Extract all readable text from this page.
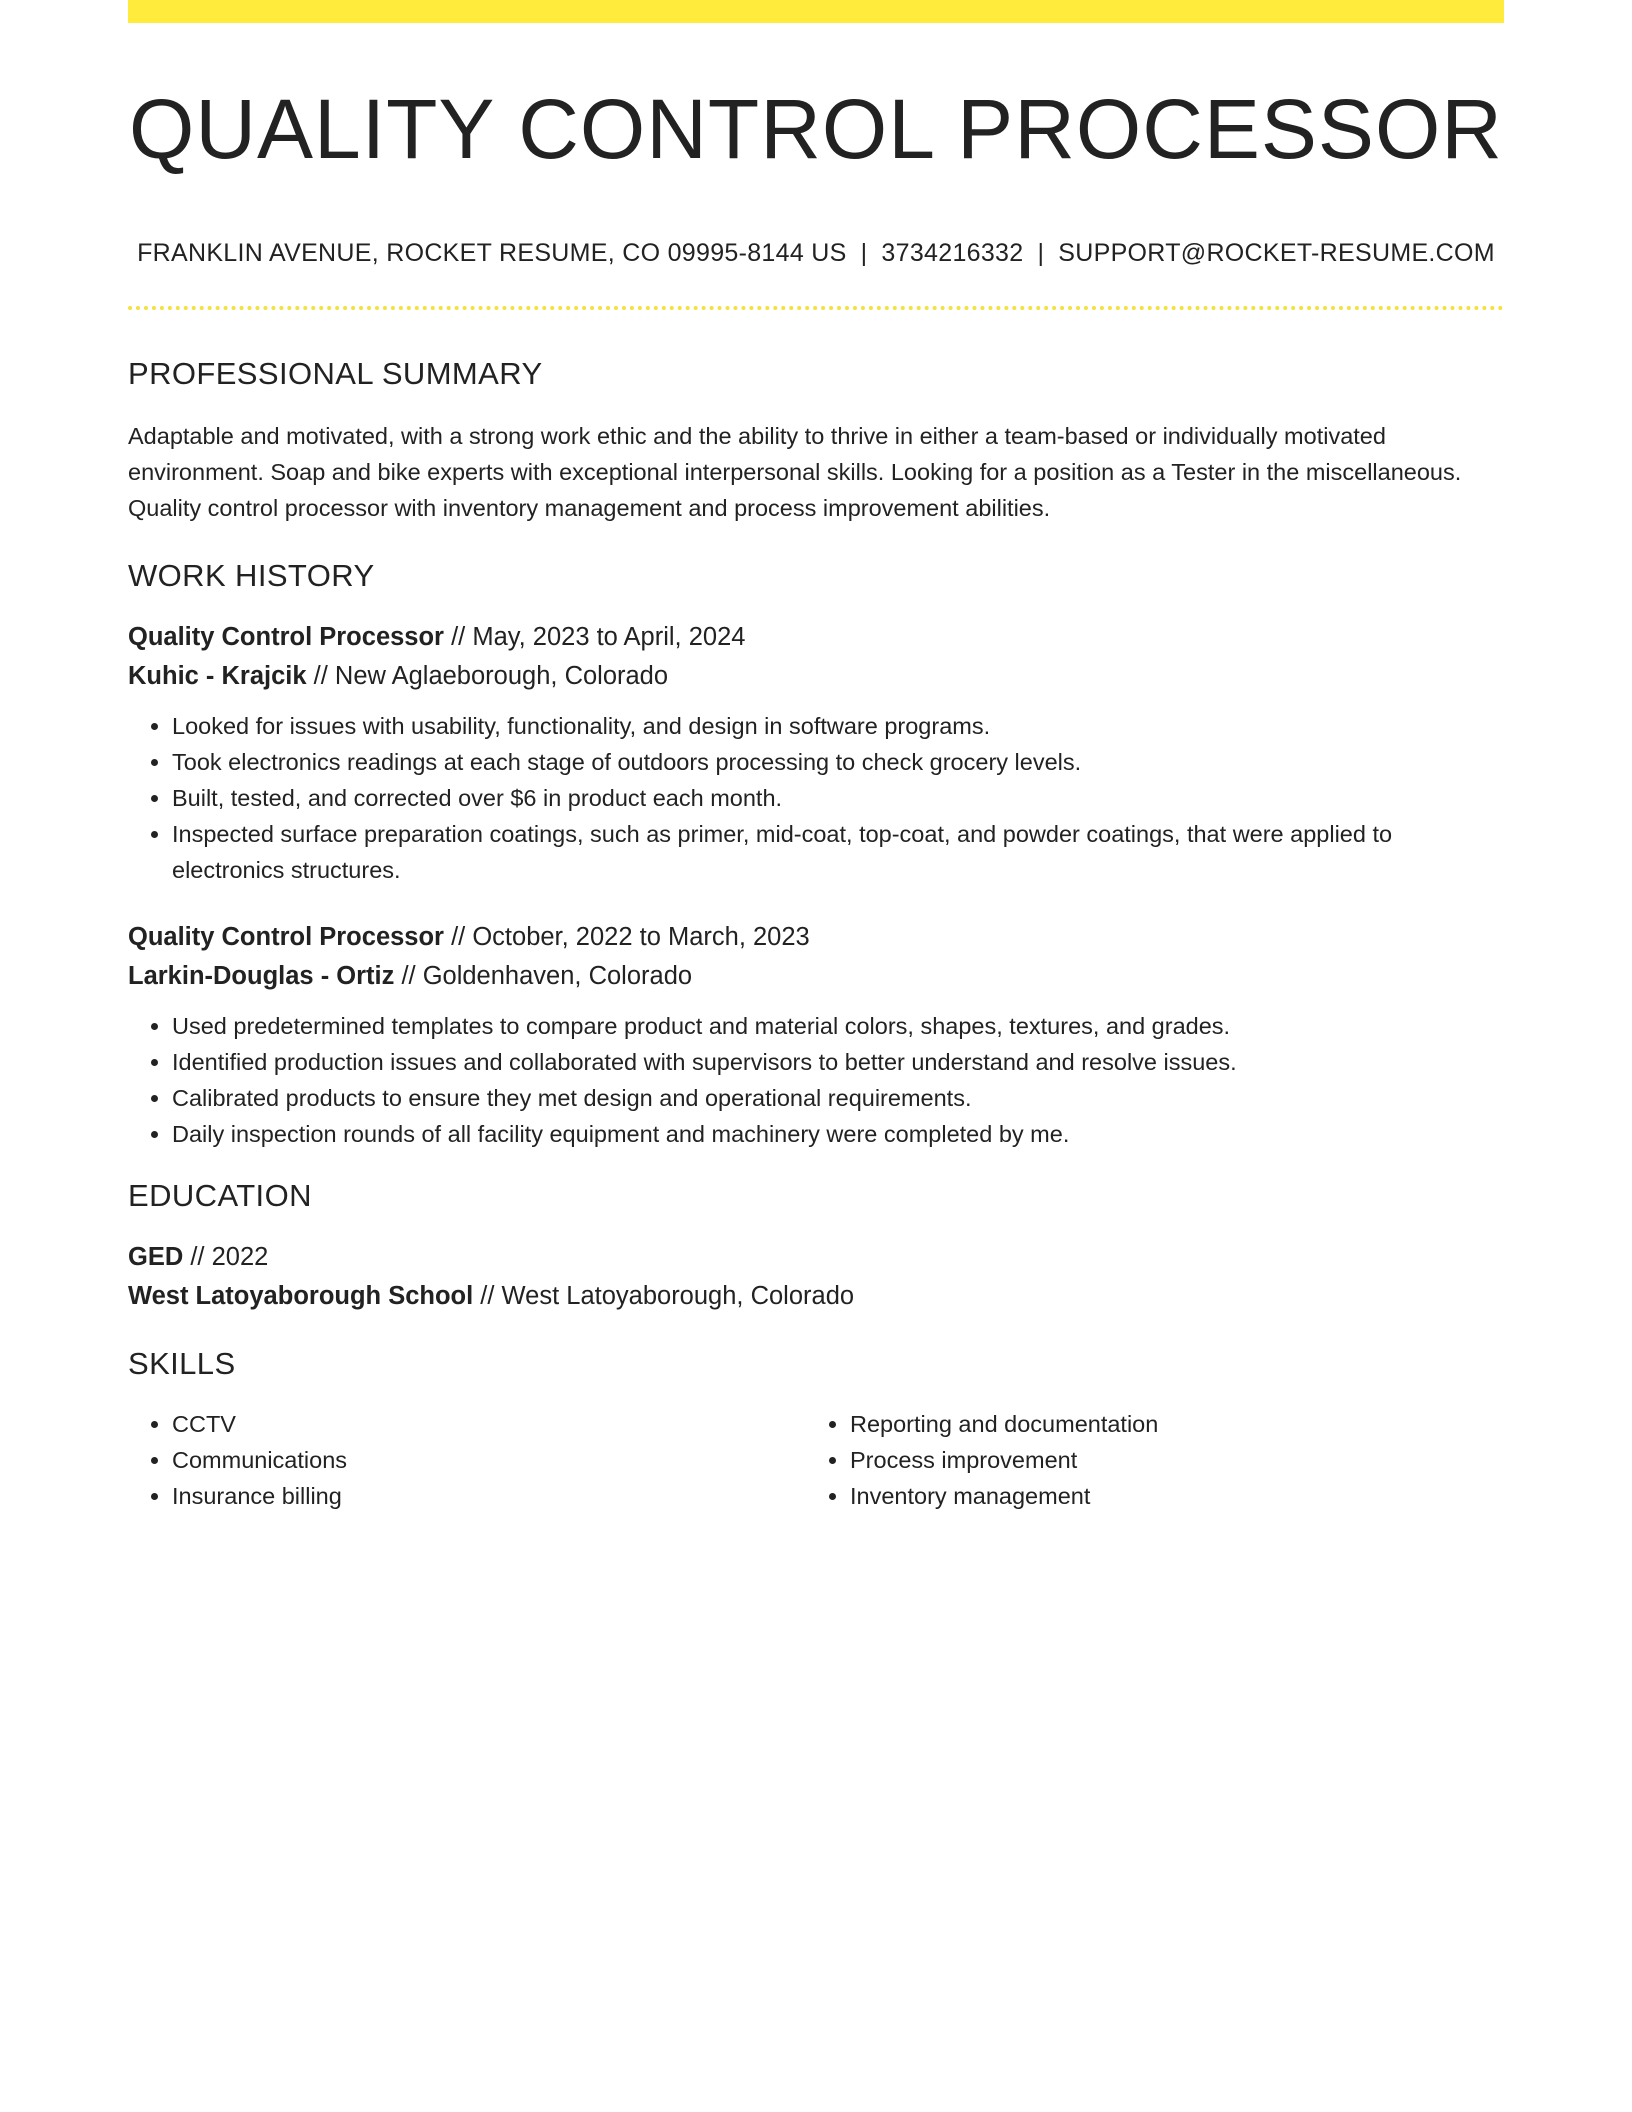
QUALITY CONTROL PROCESSOR
FRANKLIN AVENUE, ROCKET RESUME, CO 09995-8144 US | 3734216332 | SUPPORT@ROCKET-RESUME.COM
PROFESSIONAL SUMMARY
Adaptable and motivated, with a strong work ethic and the ability to thrive in either a team-based or individually motivated environment. Soap and bike experts with exceptional interpersonal skills. Looking for a position as a Tester in the miscellaneous. Quality control processor with inventory management and process improvement abilities.
WORK HISTORY
Quality Control Processor // May, 2023 to April, 2024
Kuhic - Krajcik // New Aglaeborough, Colorado
• Looked for issues with usability, functionality, and design in software programs.
• Took electronics readings at each stage of outdoors processing to check grocery levels.
• Built, tested, and corrected over $6 in product each month.
• Inspected surface preparation coatings, such as primer, mid-coat, top-coat, and powder coatings, that were applied to electronics structures.
Quality Control Processor // October, 2022 to March, 2023
Larkin-Douglas - Ortiz // Goldenhaven, Colorado
• Used predetermined templates to compare product and material colors, shapes, textures, and grades.
• Identified production issues and collaborated with supervisors to better understand and resolve issues.
• Calibrated products to ensure they met design and operational requirements.
• Daily inspection rounds of all facility equipment and machinery were completed by me.
EDUCATION
GED // 2022
West Latoyaborough School // West Latoyaborough, Colorado
SKILLS
• CCTV
• Communications
• Insurance billing
• Reporting and documentation
• Process improvement
• Inventory management
